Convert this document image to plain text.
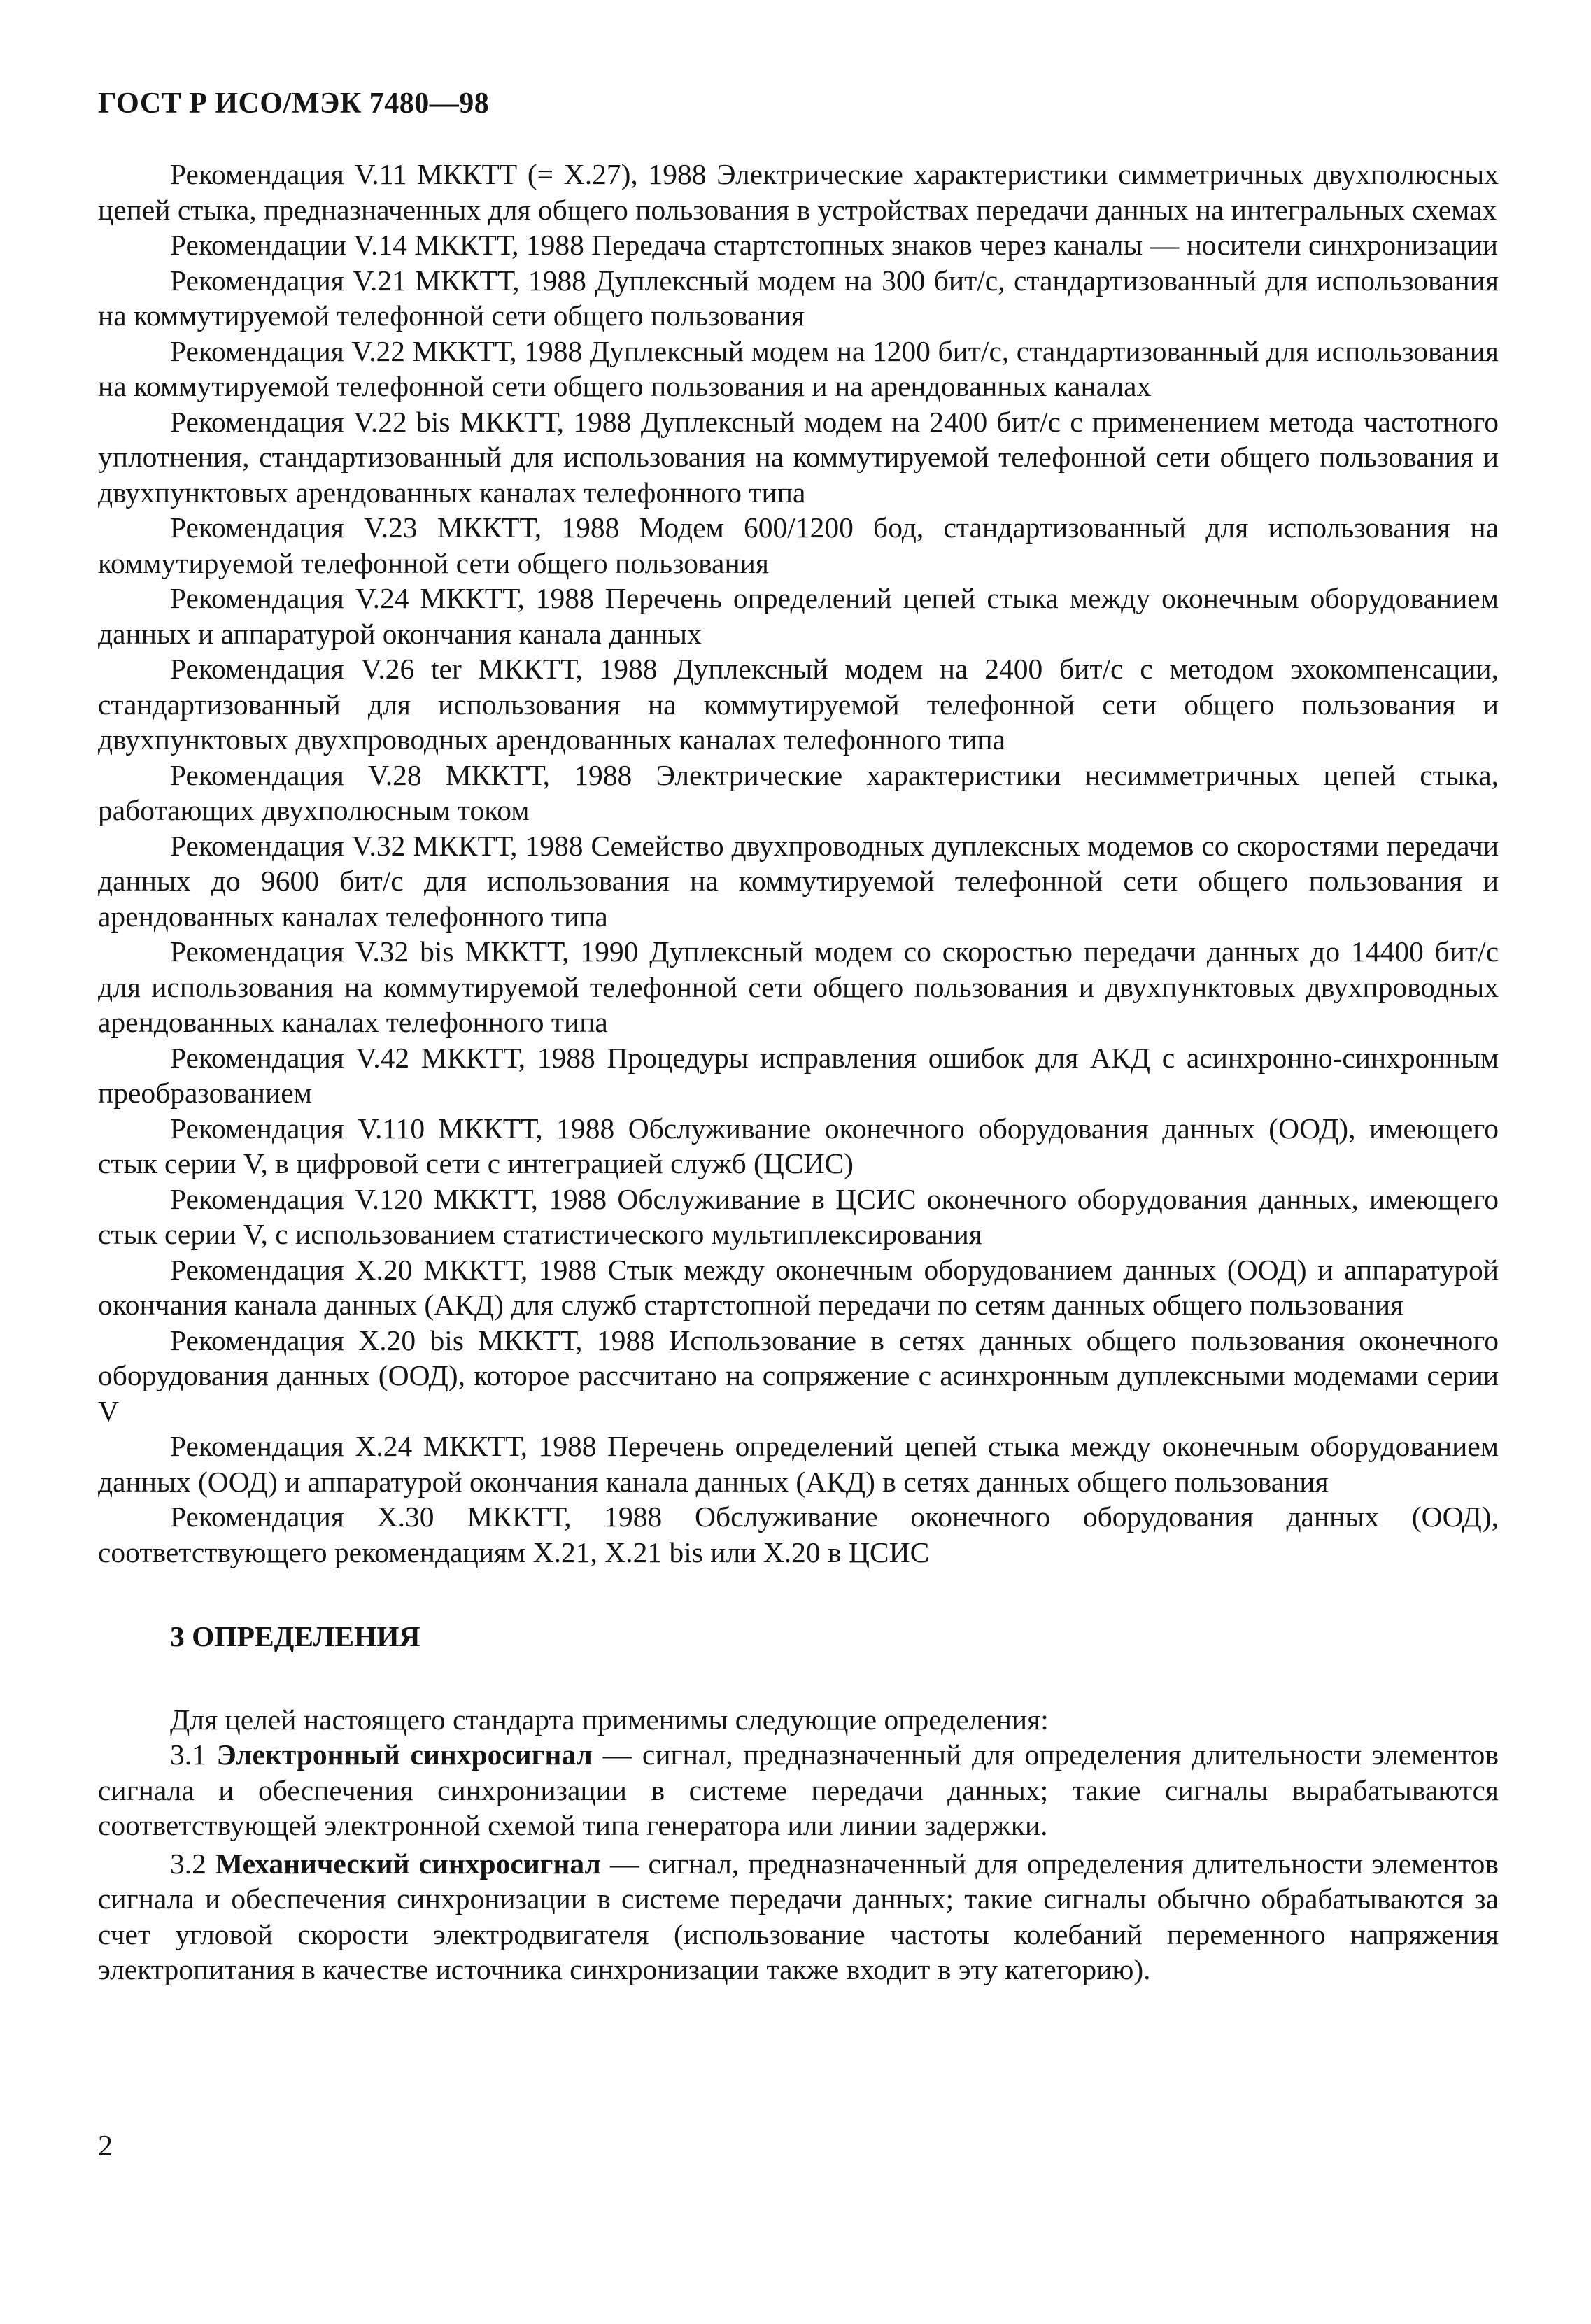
ГОСТ Р ИСО/МЭК 7480—98

Рекомендация V.11 МККТТ (= X.27), 1988 Электрические характеристики симметричных двухполюсных цепей стыка, предназначенных для общего пользования в устройствах передачи данных на интегральных схемах

Рекомендации V.14 МККТТ, 1988 Передача стартстопных знаков через каналы — носители синхронизации

Рекомендация V.21 МККТТ, 1988 Дуплексный модем на 300 бит/с, стандартизованный для использования на коммутируемой телефонной сети общего пользования

Рекомендация V.22 МККТТ, 1988 Дуплексный модем на 1200 бит/с, стандартизованный для использования на коммутируемой телефонной сети общего пользования и на арендованных каналах

Рекомендация V.22 bis МККТТ, 1988 Дуплексный модем на 2400 бит/с с применением метода частотного уплотнения, стандартизованный для использования на коммутируемой телефонной сети общего пользования и двухпунктовых арендованных каналах телефонного типа

Рекомендация V.23 МККТТ, 1988 Модем 600/1200 бод, стандартизованный для использования на коммутируемой телефонной сети общего пользования

Рекомендация V.24 МККТТ, 1988 Перечень определений цепей стыка между оконечным оборудованием данных и аппаратурой окончания канала данных

Рекомендация V.26 ter МККТТ, 1988 Дуплексный модем на 2400 бит/с с методом эхокомпенсации, стандартизованный для использования на коммутируемой телефонной сети общего пользования и двухпунктовых двухпроводных арендованных каналах телефонного типа

Рекомендация V.28 МККТТ, 1988 Электрические характеристики несимметричных цепей стыка, работающих двухполюсным током

Рекомендация V.32 МККТТ, 1988 Семейство двухпроводных дуплексных модемов со скоростями передачи данных до 9600 бит/с для использования на коммутируемой телефонной сети общего пользования и арендованных каналах телефонного типа

Рекомендация V.32 bis МККТТ, 1990 Дуплексный модем со скоростью передачи данных до 14400 бит/с для использования на коммутируемой телефонной сети общего пользования и двухпунктовых двухпроводных арендованных каналах телефонного типа

Рекомендация V.42 МККТТ, 1988 Процедуры исправления ошибок для АКД с асинхронно-синхронным преобразованием

Рекомендация V.110 МККТТ, 1988 Обслуживание оконечного оборудования данных (ООД), имеющего стык серии V, в цифровой сети с интеграцией служб (ЦСИС)

Рекомендация V.120 МККТТ, 1988 Обслуживание в ЦСИС оконечного оборудования данных, имеющего стык серии V, с использованием статистического мультиплексирования

Рекомендация X.20 МККТТ, 1988 Стык между оконечным оборудованием данных (ООД) и аппаратурой окончания канала данных (АКД) для служб стартстопной передачи по сетям данных общего пользования

Рекомендация X.20 bis МККТТ, 1988 Использование в сетях данных общего пользования оконечного оборудования данных (ООД), которое рассчитано на сопряжение с асинхронным дуплексными модемами серии V

Рекомендация X.24 МККТТ, 1988 Перечень определений цепей стыка между оконечным оборудованием данных (ООД) и аппаратурой окончания канала данных (АКД) в сетях данных общего пользования

Рекомендация X.30 МККТТ, 1988 Обслуживание оконечного оборудования данных (ООД), соответствующего рекомендациям X.21, X.21 bis или X.20 в ЦСИС

3 ОПРЕДЕЛЕНИЯ

Для целей настоящего стандарта применимы следующие определения:

3.1 Электронный синхросигнал — сигнал, предназначенный для определения длительности элементов сигнала и обеспечения синхронизации в системе передачи данных; такие сигналы вырабатываются соответствующей электронной схемой типа генератора или линии задержки.

3.2 Механический синхросигнал — сигнал, предназначенный для определения длительности элементов сигнала и обеспечения синхронизации в системе передачи данных; такие сигналы обычно обрабатываются за счет угловой скорости электродвигателя (использование частоты колебаний переменного напряжения электропитания в качестве источника синхронизации также входит в эту категорию).

2
